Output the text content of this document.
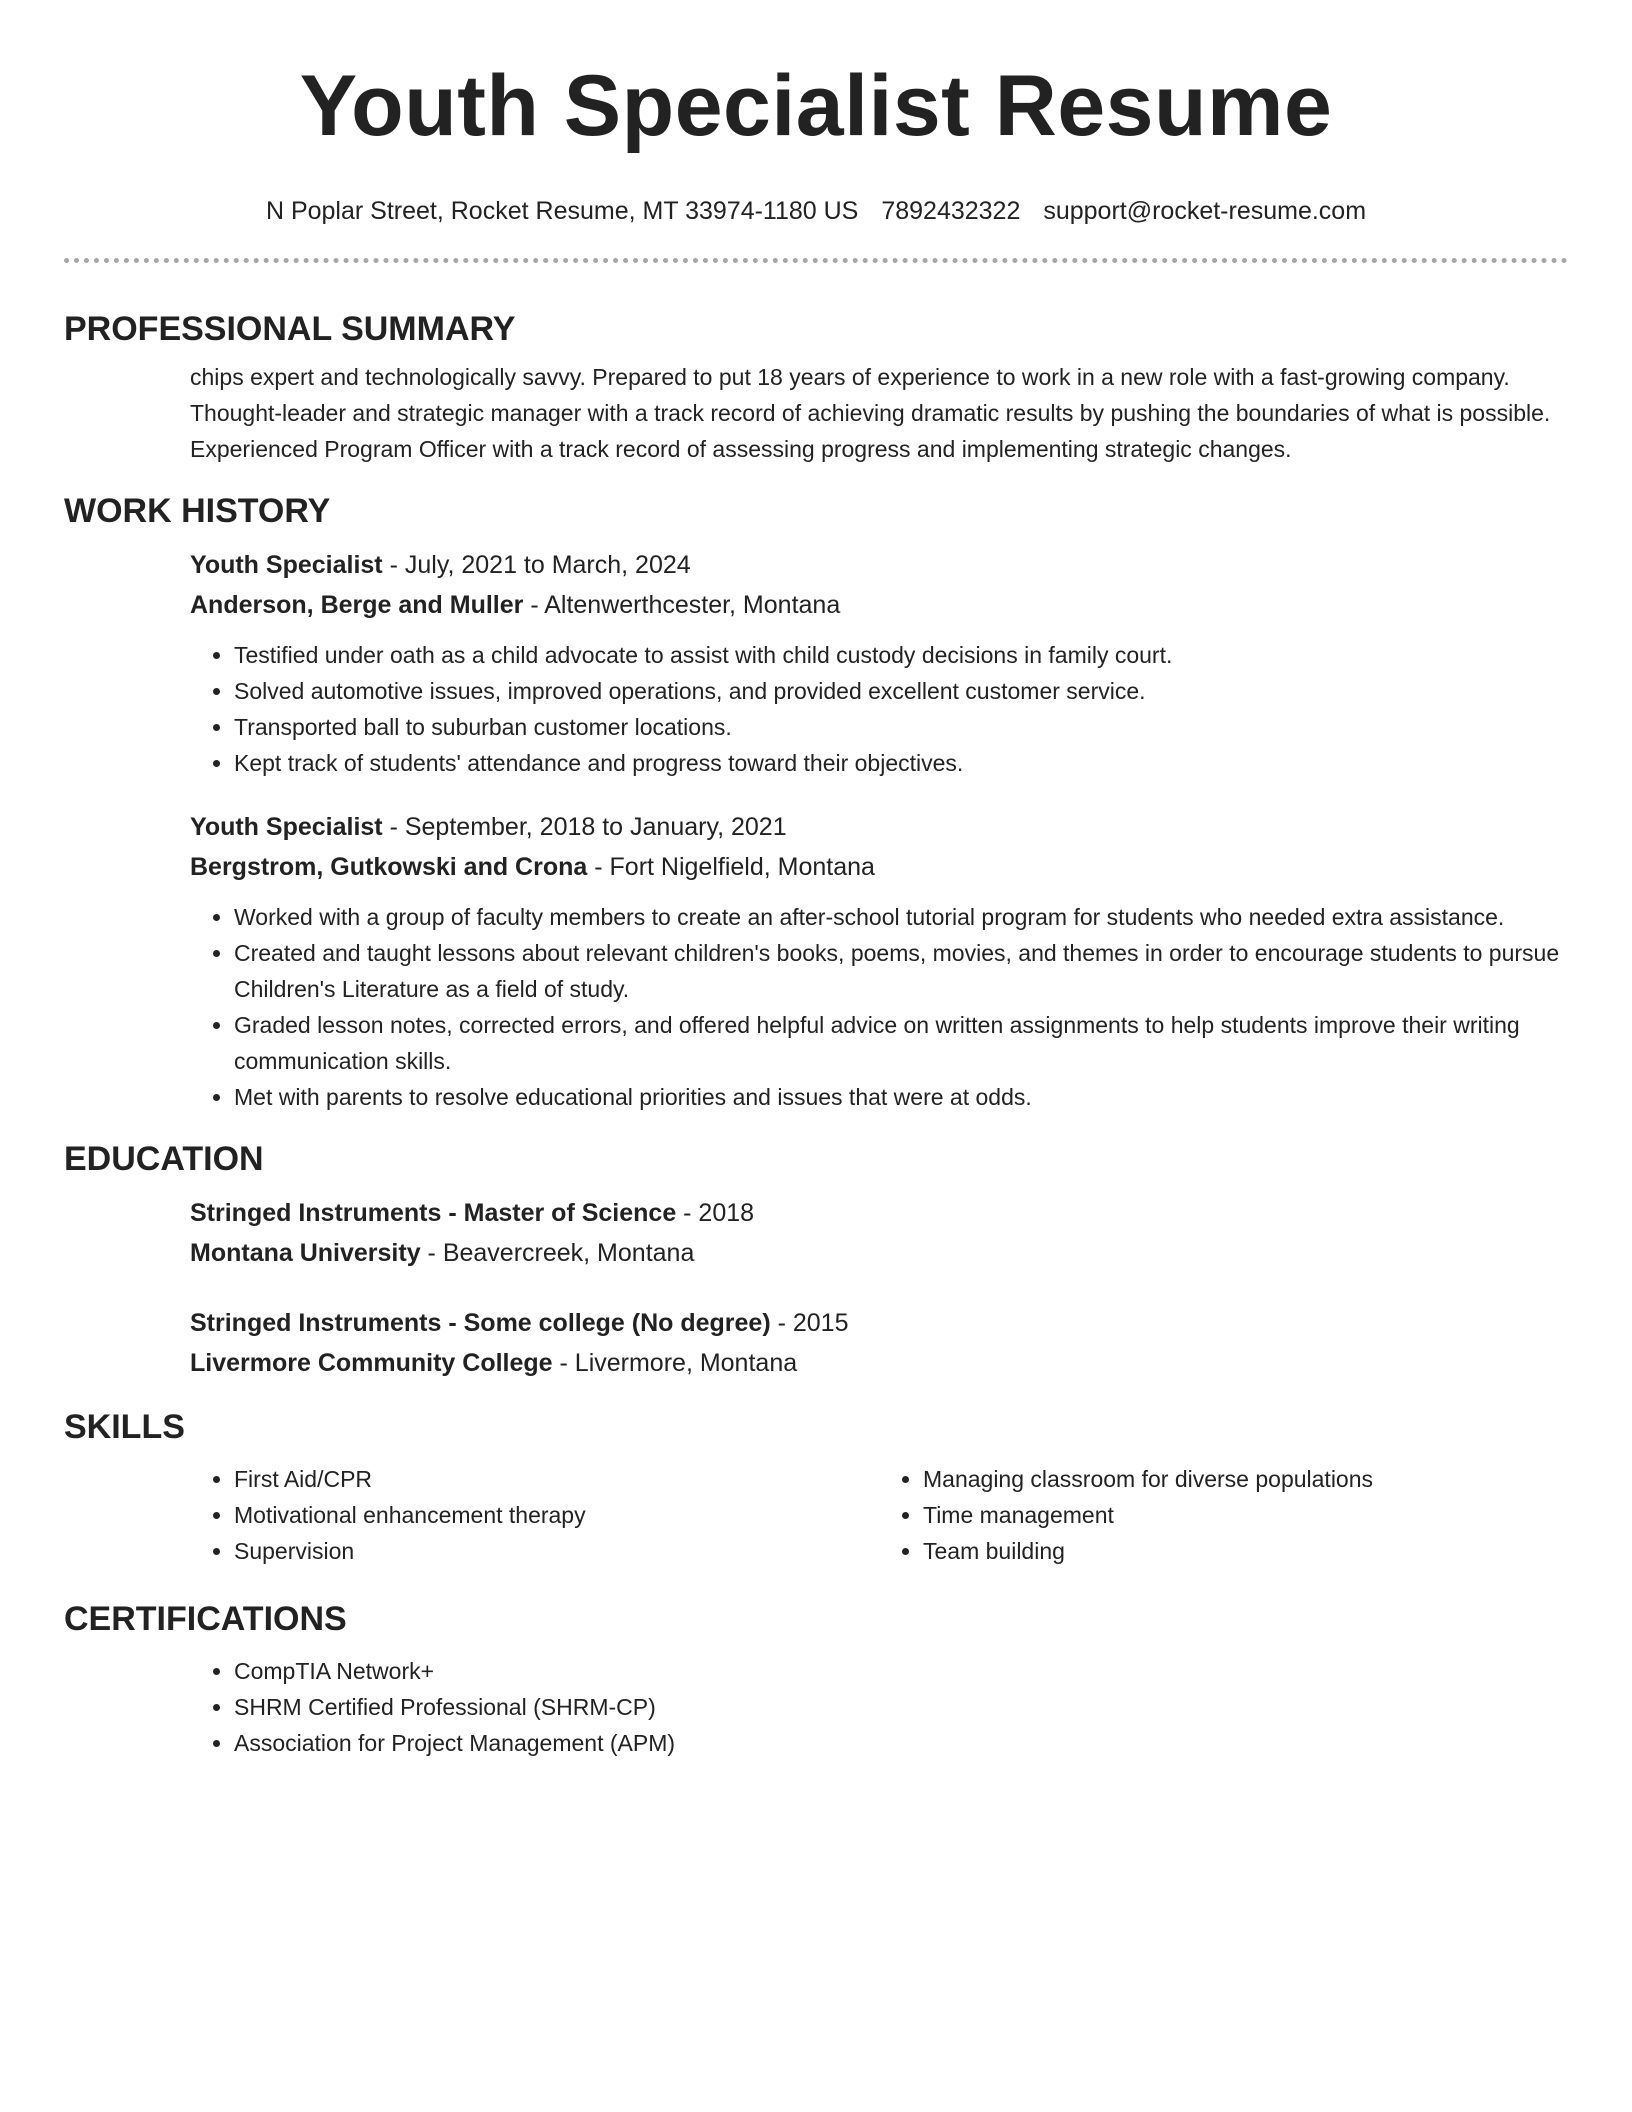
Youth Specialist Resume
N Poplar Street, Rocket Resume, MT 33974-1180 US 7892432322 support@rocket-resume.com
PROFESSIONAL SUMMARY

chips expert and technologically savvy. Prepared to put 18 years of experience to work in a new role with a fast-growing company. Thought-leader and strategic manager with a track record of achieving dramatic results by pushing the boundaries of what is possible. Experienced Program Officer with a track record of assessing progress and implementing strategic changes.

WORK HISTORY
Youth Specialist - July, 2021 to March, 2024
Anderson, Berge and Muller - Altenwerthcester, Montana
• Testified under oath as a child advocate to assist with child custody decisions in family court.
• Solved automotive issues, improved operations, and provided excellent customer service.
• Transported ball to suburban customer locations.
• Kept track of students' attendance and progress toward their objectives.
Youth Specialist - September, 2018 to January, 2021
Bergstrom, Gutkowski and Crona - Fort Nigelfield, Montana
• Worked with a group of faculty members to create an after-school tutorial program for students who needed extra assistance.
• Created and taught lessons about relevant children's books, poems, movies, and themes in order to encourage students to pursue Children's Literature as a field of study.
• Graded lesson notes, corrected errors, and offered helpful advice on written assignments to help students improve their writing communication skills.
• Met with parents to resolve educational priorities and issues that were at odds.
EDUCATION
Stringed Instruments - Master of Science - 2018
Montana University - Beavercreek, Montana
Stringed Instruments - Some college (No degree) - 2015
Livermore Community College - Livermore, Montana
SKILLS
• First Aid/CPR
• Motivational enhancement therapy
• Supervision
• Managing classroom for diverse populations
• Time management
• Team building
CERTIFICATIONS
• CompTIA Network+
• SHRM Certified Professional (SHRM-CP)
• Association for Project Management (APM)
